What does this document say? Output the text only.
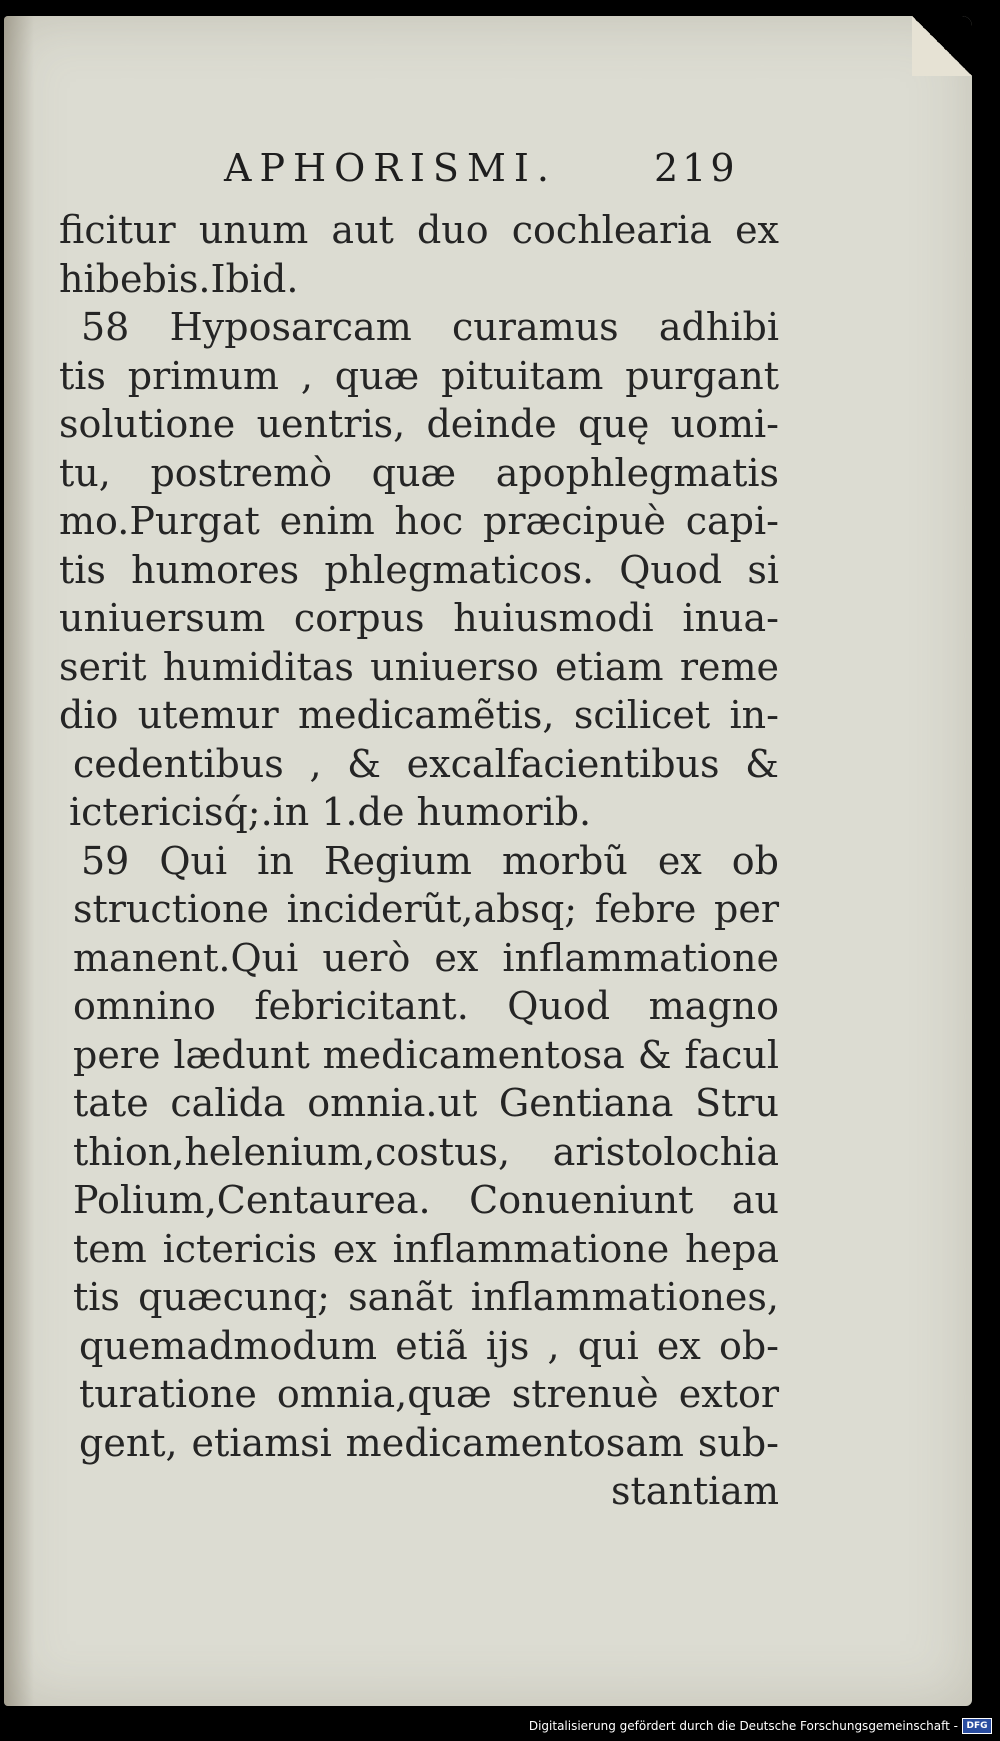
APHORISMI.	219
ficitur unum aut duo cochlearia ex
hibebis.Ibid.
58 Hyposarcam curamus adhibi
tis primum , quæ pituitam purgant
solutione uentris, deinde quę uomi-
tu, postremò quæ apophlegmatis
mo.Purgat enim hoc præcipuè capi-
tis humores phlegmaticos. Quod si
uniuersum corpus huiusmodi inua-
serit humiditas uniuerso etiam reme
dio utemur medicamẽtis, scilicet in-
cedentibus , & excalfacientibus &
ictericisq́;.in 1.de humorib.
59 Qui in Regium morbũ ex ob
structione inciderũt,absq; febre per
manent.Qui uerò ex inflammatione
omnino febricitant. Quod magno
pere lædunt medicamentosa & facul
tate calida omnia.ut Gentiana Stru
thion,helenium,costus, aristolochia
Polium,Centaurea. Conueniunt au
tem ictericis ex inflammatione hepa
tis quæcunq; sanãt inflammationes,
quemadmodum etiã ijs , qui ex ob-
turatione omnia,quæ strenuè extor
gent, etiamsi medicamentosam sub-
stantiam
Digitalisierung gefördert durch die Deutsche Forschungsgemeinschaft - DFG
